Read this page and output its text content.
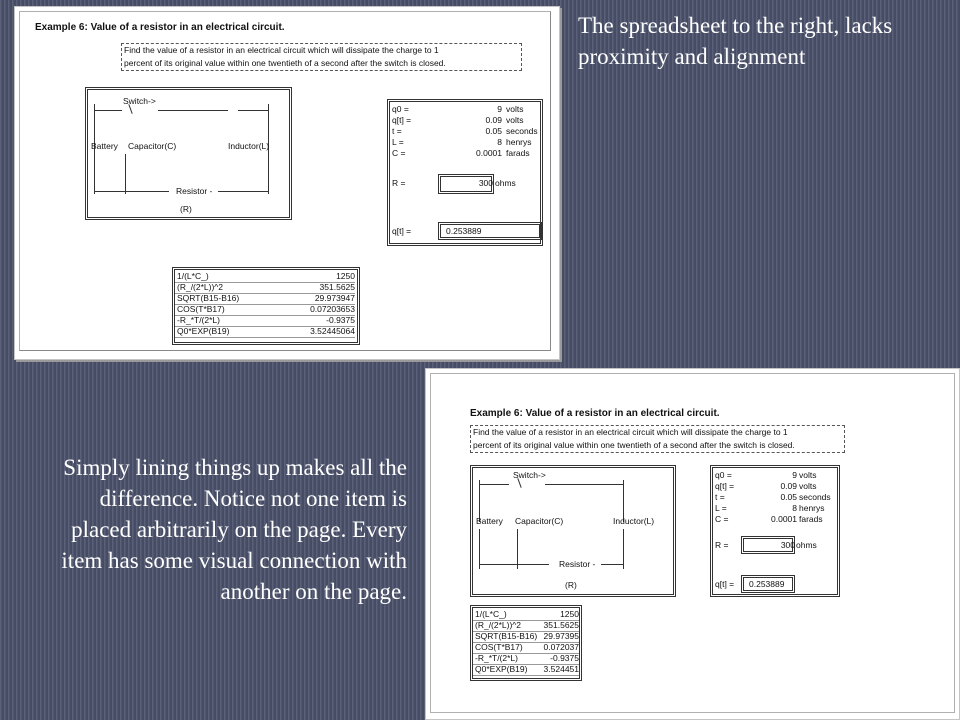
The spreadsheet to the right, lacks proximity and alignment
Simply lining things up makes all the difference. Notice not one item is placed arbitrarily on the page. Every item has some visual connection with another on the page.
Example 6: Value of a resistor in an electrical circuit.
Find the value of a resistor in an electrical circuit which will dissipate the charge to 1
percent of its original value within one twentieth of a second after the switch is closed.
Switch->
Battery Capacitor(C)	Inductor(L)
Resistor -
(R)
q0 =	9 volts
q[t] =	0.09 volts
t =	0.05 seconds
L =	8 henrys
C =	0.0001 farads
R =	300 ohms
q[t] =	0.253889
1/(L*C_)	1250
(R_/(2*L))^2	351.5625
SQRT(B15-B16)	29.973947
COS(T*B17)	0.07203653
-R_*T/(2*L)	-0.9375
Q0*EXP(B19)	3.52445064
Example 6: Value of a resistor in an electrical circuit.
Find the value of a resistor in an electrical circuit which will dissipate the charge to 1
percent of its original value within one twentieth of a second after the switch is closed.
Switch->
Battery Capacitor(C)	Inductor(L)
Resistor -
(R)
q0 =	9 volts
q[t] =	0.09 volts
t =	0.05 seconds
L =	8 henrys
C =	0.0001 farads
R =	300 ohms
q[t] = 0.253889
1/(L*C_)	1250
(R_/(2*L))^2	351.5625
SQRT(B15-B16) 29.97395
COS(T*B17) 0.072037
-R_*T/(2*L)	-0.9375
Q0*EXP(B19) 3.524451
